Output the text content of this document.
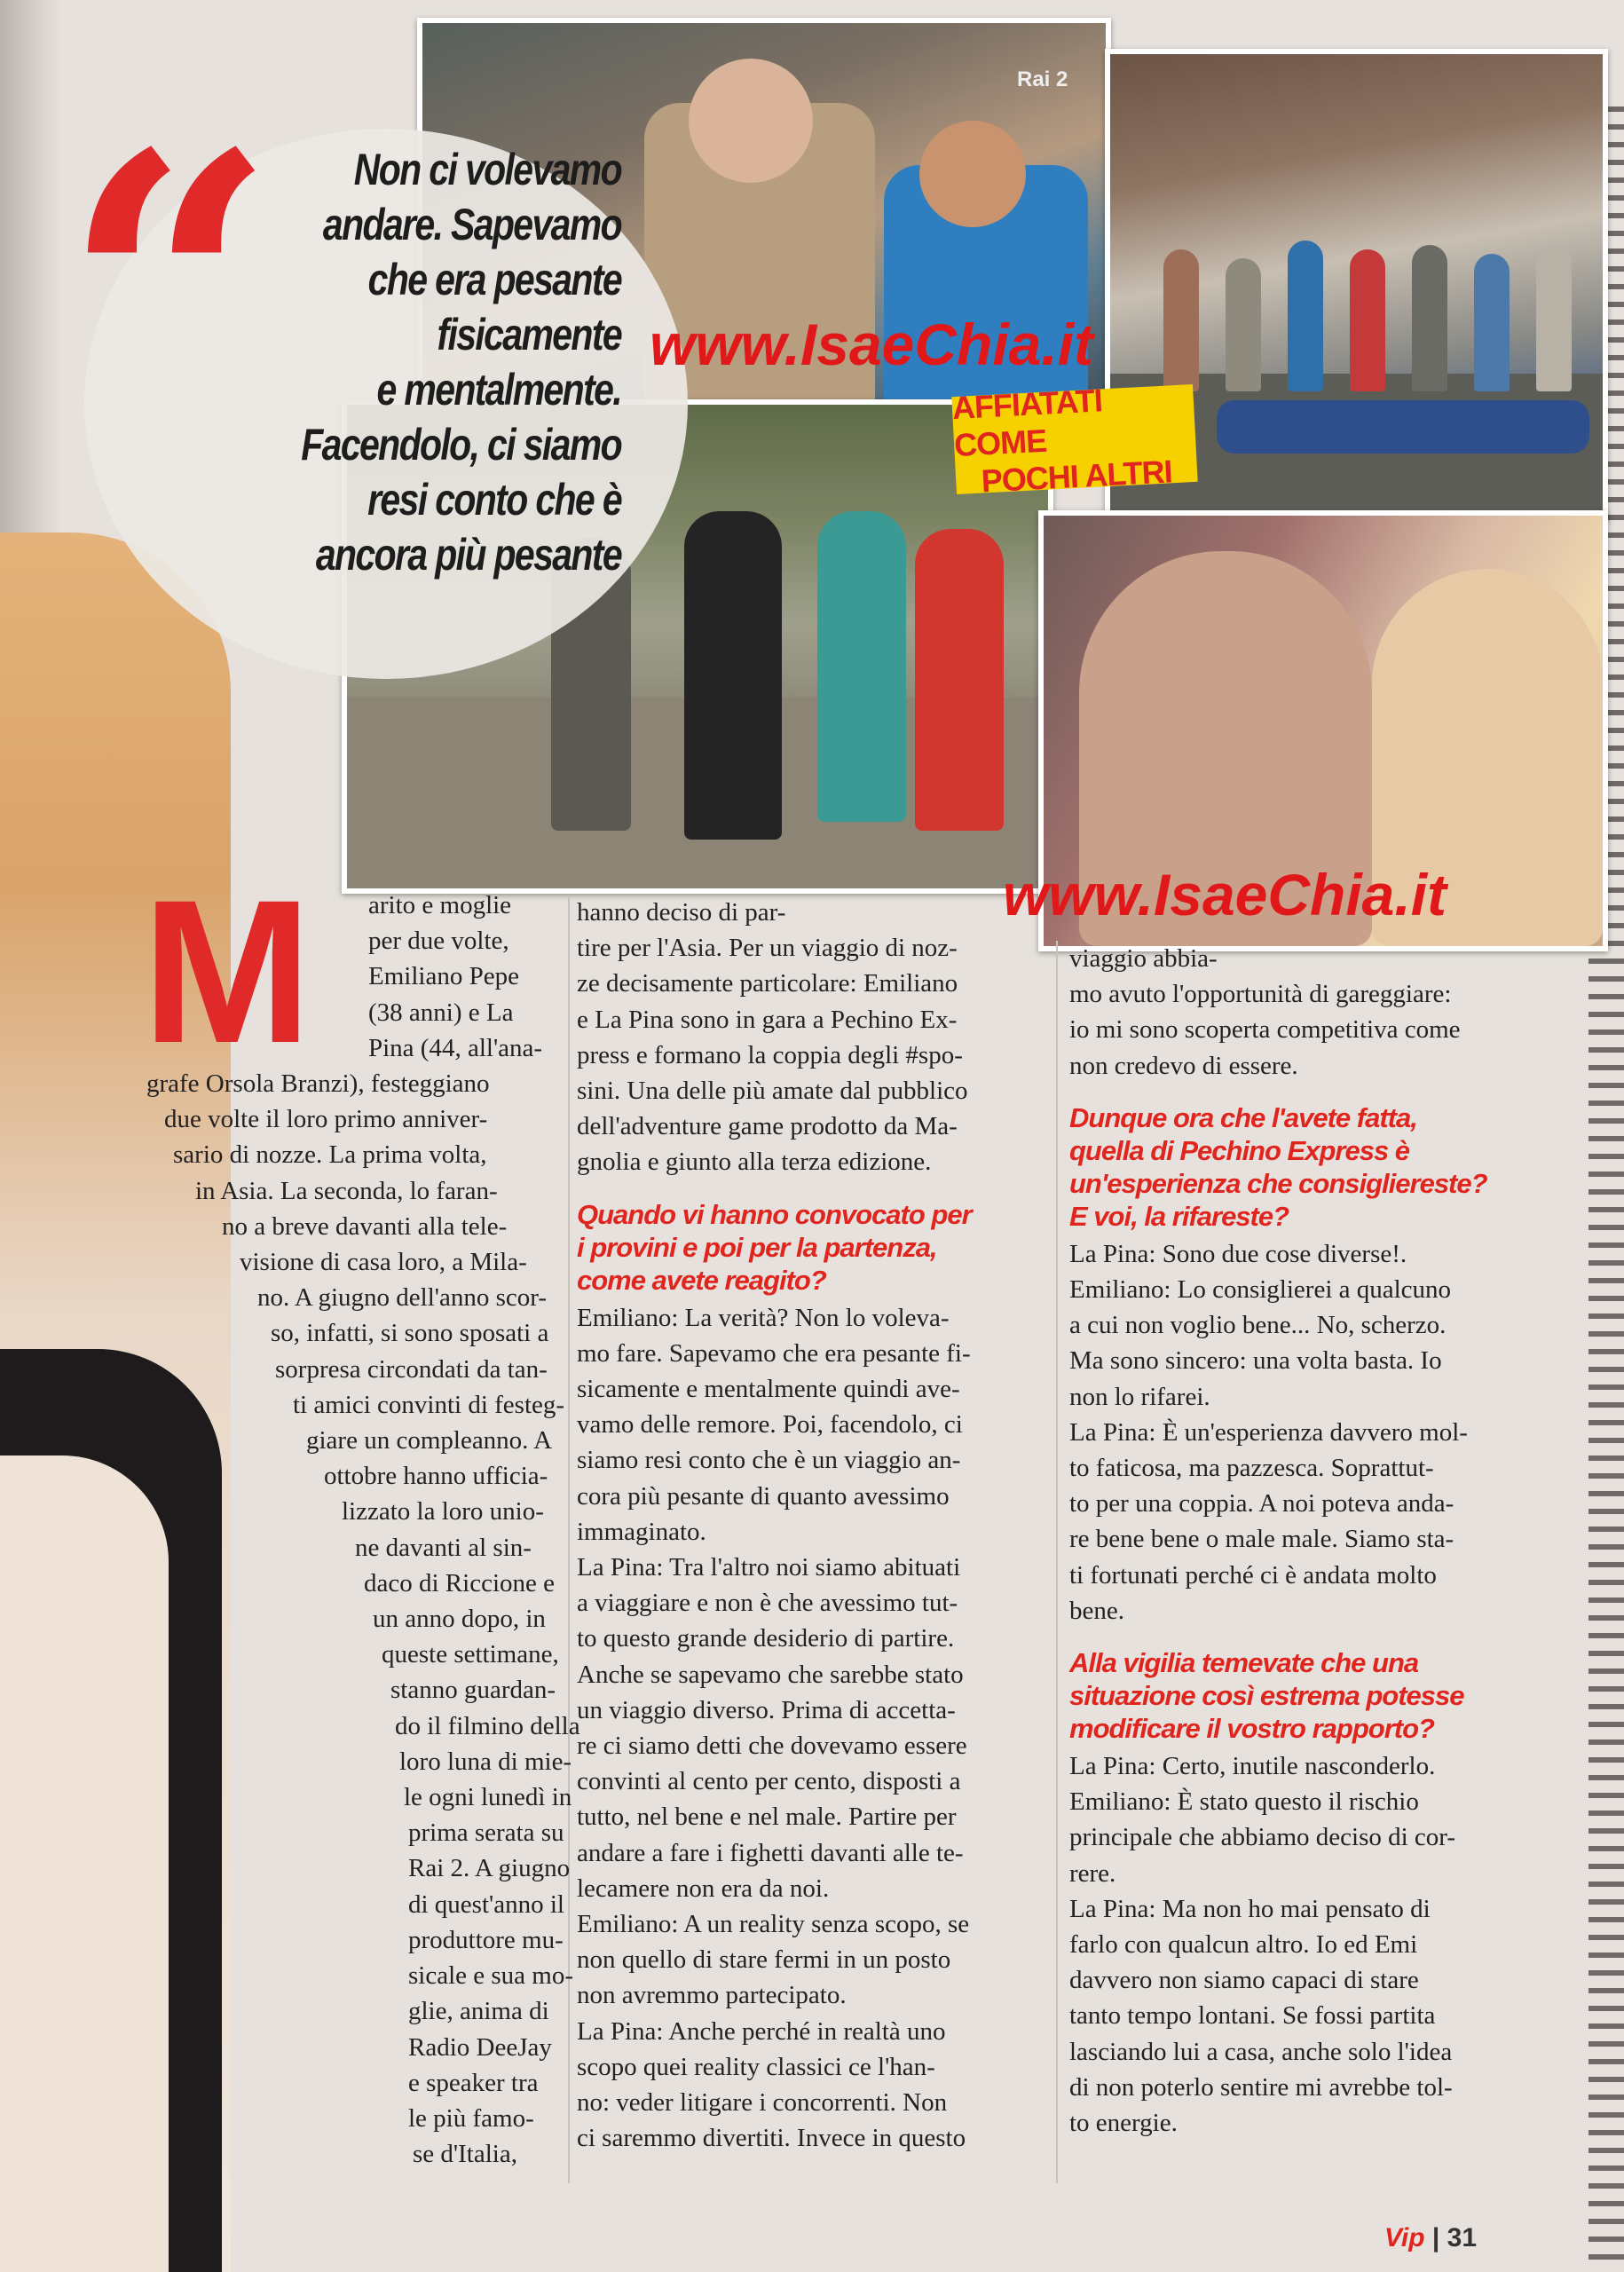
Rai 2
“	Non ci volevamo
andare. Sapevamo
che era pesante
fisicamente
e mentalmente.
Facendolo, ci siamo
resi conto che è
ancora più pesante
AFFIATATI COME
POCHI ALTRI
www.IsaeChia.it
www.IsaeChia.it
M	arito e moglie
per due volte,
Emiliano Pepe
(38 anni) e La
Pina (44, all'ana-
grafe Orsola Branzi), festeggiano
due volte il loro primo anniver-
sario di nozze. La prima volta,
in Asia. La seconda, lo faran-
no a breve davanti alla tele-
visione di casa loro, a Mila-
no. A giugno dell'anno scor-
so, infatti, si sono sposati a
sorpresa circondati da tan-
ti amici convinti di festeg-
giare un compleanno. A
ottobre hanno ufficia-
lizzato la loro unio-
ne davanti al sin-
daco di Riccione e
un anno dopo, in
queste settimane,
stanno guardan-
do il filmino della
loro luna di mie-
le ogni lunedì in
prima serata su
Rai 2. A giugno
di quest'anno il
produttore mu-
sicale e sua mo-
glie, anima di
Radio DeeJay
e speaker tra
le più famo-
se d'Italia,
hanno deciso di par-
tire per l'Asia. Per un viaggio di noz-
ze decisamente particolare: Emiliano
e La Pina sono in gara a Pechino Ex-
press e formano la coppia degli #spo-
sini. Una delle più amate dal pubblico
dell'adventure game prodotto da Ma-
gnolia e giunto alla terza edizione.
Quando vi hanno convocato per
i provini e poi per la partenza,
come avete reagito?
Emiliano: La verità? Non lo voleva-
mo fare. Sapevamo che era pesante fi-
sicamente e mentalmente quindi ave-
vamo delle remore. Poi, facendolo, ci
siamo resi conto che è un viaggio an-
cora più pesante di quanto avessimo
immaginato.
La Pina: Tra l'altro noi siamo abituati
a viaggiare e non è che avessimo tut-
to questo grande desiderio di partire.
Anche se sapevamo che sarebbe stato
un viaggio diverso. Prima di accetta-
re ci siamo detti che dovevamo essere
convinti al cento per cento, disposti a
tutto, nel bene e nel male. Partire per
andare a fare i fighetti davanti alle te-
lecamere non era da noi.
Emiliano: A un reality senza scopo, se
non quello di stare fermi in un posto
non avremmo partecipato.
La Pina: Anche perché in realtà uno
scopo quei reality classici ce l'han-
no: veder litigare i concorrenti. Non
ci saremmo divertiti. Invece in questo
viaggio abbia-
mo avuto l'opportunità di gareggiare:
io mi sono scoperta competitiva come
non credevo di essere.
Dunque ora che l'avete fatta,
quella di Pechino Express è
un'esperienza che consigliereste?
E voi, la rifareste?
La Pina: Sono due cose diverse!.
Emiliano: Lo consiglierei a qualcuno
a cui non voglio bene... No, scherzo.
Ma sono sincero: una volta basta. Io
non lo rifarei.
La Pina: È un'esperienza davvero mol-
to faticosa, ma pazzesca. Soprattut-
to per una coppia. A noi poteva anda-
re bene bene o male male. Siamo sta-
ti fortunati perché ci è andata molto
bene.
Alla vigilia temevate che una
situazione così estrema potesse
modificare il vostro rapporto?
La Pina: Certo, inutile nasconderlo.
Emiliano: È stato questo il rischio
principale che abbiamo deciso di cor-
rere.
La Pina: Ma non ho mai pensato di
farlo con qualcun altro. Io ed Emi
davvero non siamo capaci di stare
tanto tempo lontani. Se fossi partita
lasciando lui a casa, anche solo l'idea
di non poterlo sentire mi avrebbe tol-
to energie.
Vip | 31
